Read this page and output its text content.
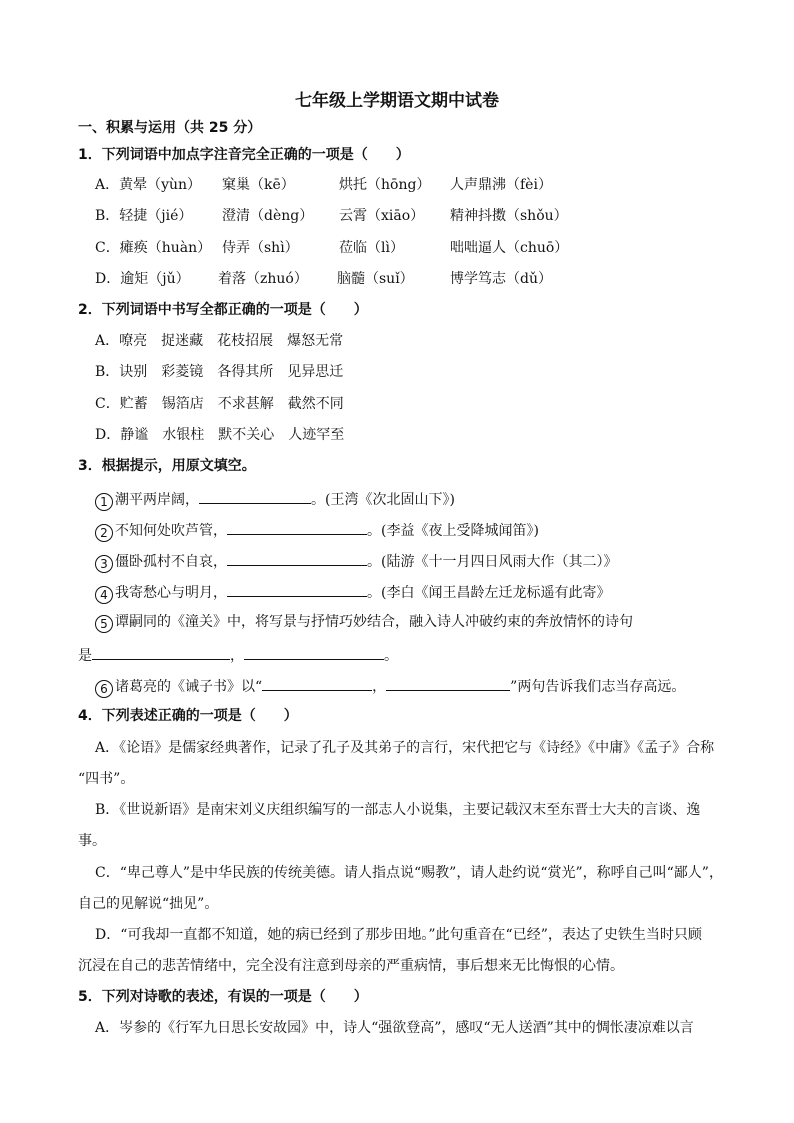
七年级上学期语文期中试卷
一、积累与运用（共 25 分）
1．下列词语中加点字注音完全正确的一项是（　　）
A．黄晕（yùn） 窠巢（kē）	烘托（hōng） 人声鼎沸（fèi）
B．轻捷（jié） 澄清（dèng） 云霄（xiāo） 精神抖擞（shǒu）
C．瘫痪（huàn） 侍弄（shì）	莅临（lì）	咄咄逼人（chuō）
D．逾矩（jǔ） 着落（zhuó） 脑髓（suǐ）	博学笃志（dǔ）
2．下列词语中书写全都正确的一项是（　　）
A．嘹亮　捉迷藏　花枝招展　爆怒无常
B．诀别　彩菱镜　各得其所　见异思迁
C．贮蓄　锡箔店　不求甚解　截然不同
D．静谧　水银柱　默不关心　人迹罕至
3．根据提示，用原文填空。
1 潮平两岸阔，	。(王湾《次北固山下》)
2 不知何处吹芦管，	。(李益《夜上受降城闻笛》)
3 僵卧孤村不自哀，	。(陆游《十一月四日风雨大作（其二）》
4 我寄愁心与明月，	。(李白《闻王昌龄左迁龙标遥有此寄》
5 谭嗣同的《潼关》中，将写景与抒情巧妙结合，融入诗人冲破约束的奔放情怀的诗句
是	，	。
6 诸葛亮的《诫子书》以“	，	”两句告诉我们志当存高远。
4．下列表述正确的一项是（　　）
A．《论语》是儒家经典著作，记录了孔子及其弟子的言行，宋代把它与《诗经》《中庸》《孟子》合称
“四书”。
B．《世说新语》是南宋刘义庆组织编写的一部志人小说集，主要记载汉末至东晋士大夫的言谈、逸
事。
C．“卑己尊人”是中华民族的传统美德。请人指点说“赐教”，请人赴约说“赏光”，称呼自己叫“鄙人”，
自己的见解说“拙见”。
D．“可我却一直都不知道，她的病已经到了那步田地。”此句重音在“已经”，表达了史铁生当时只顾
沉浸在自己的悲苦情绪中，完全没有注意到母亲的严重病情，事后想来无比悔恨的心情。
5．下列对诗歌的表述，有误的一项是（　　）
A．岑参的《行军九日思长安故园》中，诗人“强欲登高”，感叹“无人送酒”其中的惆怅凄凉难以言
